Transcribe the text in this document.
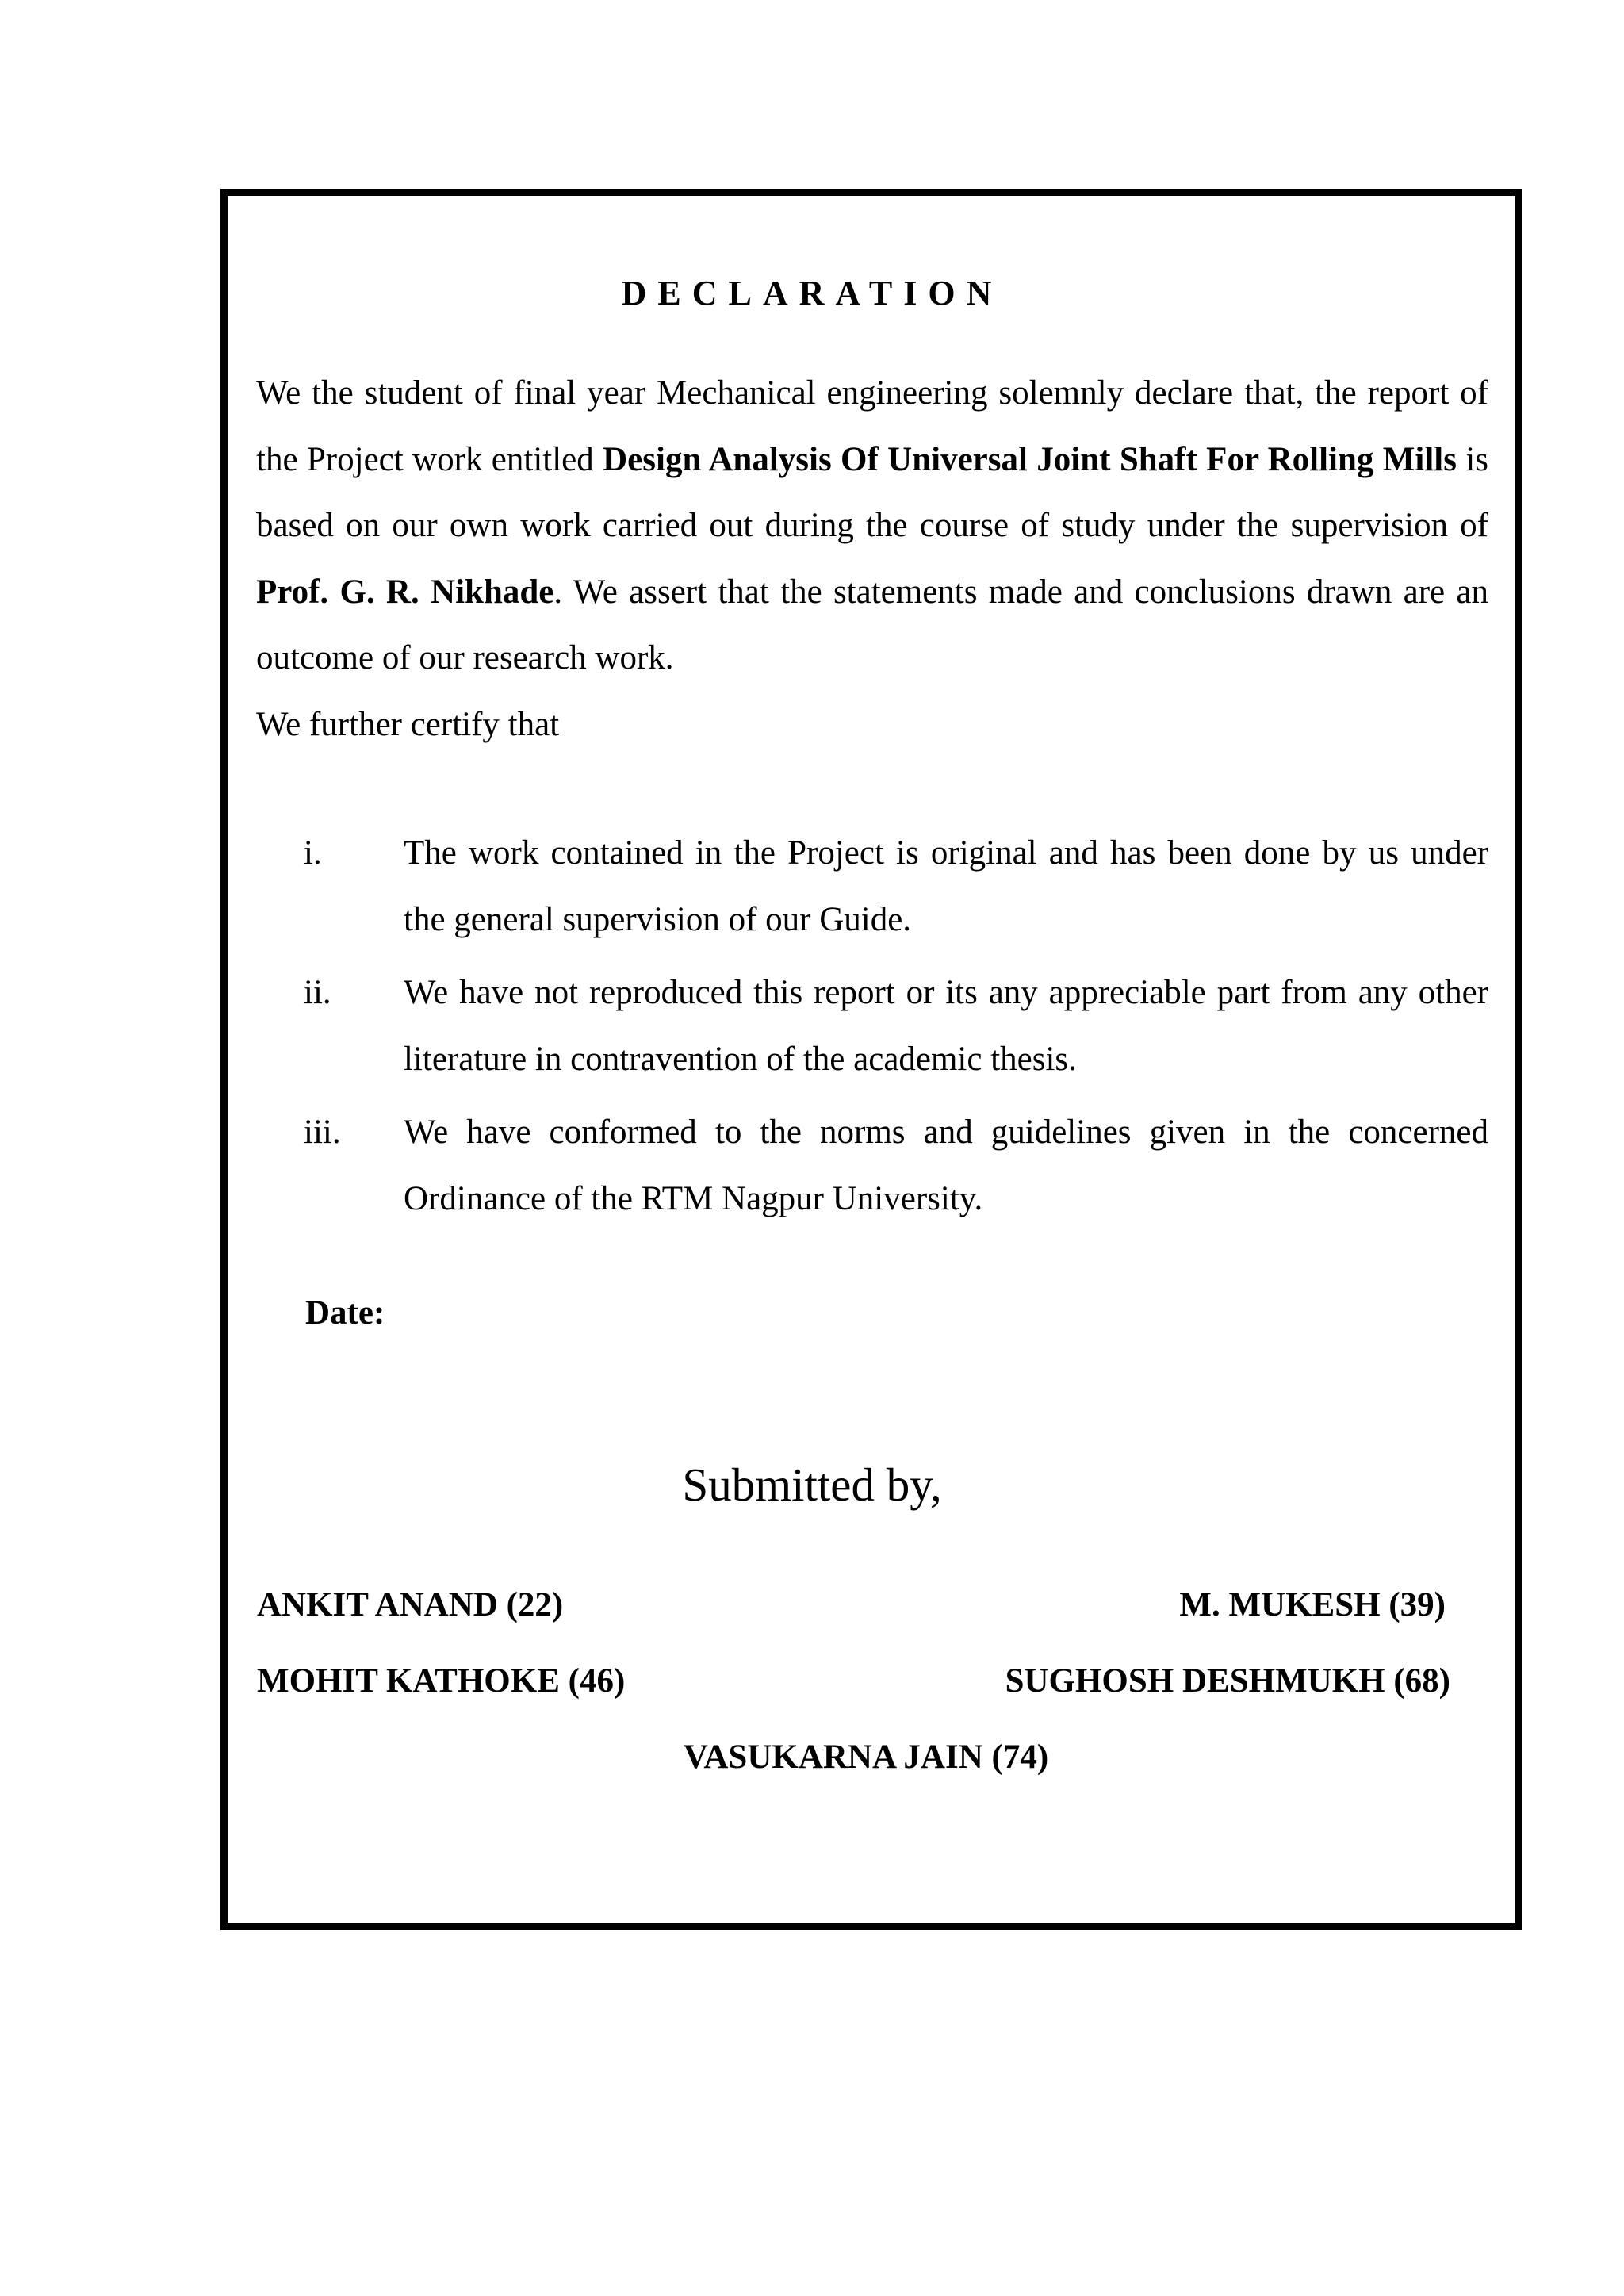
DECLARATION
We the student of final year Mechanical engineering solemnly declare that, the report of the Project work entitled Design Analysis Of Universal Joint Shaft For Rolling Mills is based on our own work carried out during the course of study under the supervision of Prof. G. R. Nikhade. We assert that the statements made and conclusions drawn are an outcome of our research work.
We further certify that
i.	The work contained in the Project is original and has been done by us under the general supervision of our Guide.
ii.	We have not reproduced this report or its any appreciable part from any other literature in contravention of the academic thesis.
iii.	We have conformed to the norms and guidelines given in the concerned Ordinance of the RTM Nagpur University.
Date:
Submitted by,
ANKIT ANAND (22)	M. MUKESH (39)
MOHIT KATHOKE (46)	SUGHOSH DESHMUKH (68)
VASUKARNA JAIN (74)
